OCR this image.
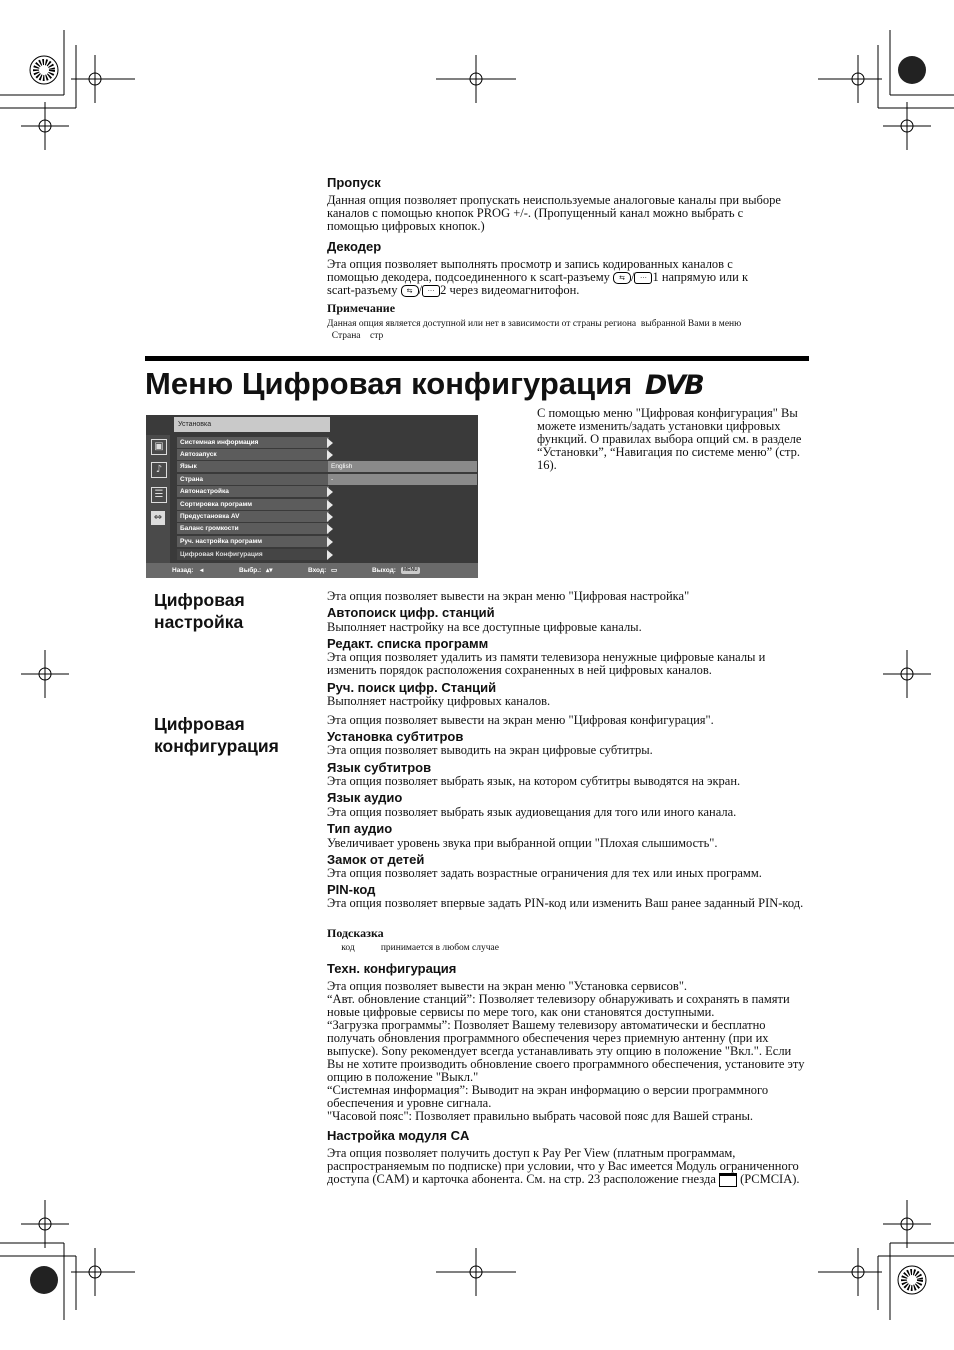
Пропуск
Данная опция позволяет пропускать неиспользуемые аналоговые каналы при выборе каналов с помощью кнопок PROG +/-. (Пропущенный канал можно выбрать с помощью цифровых кнопок.)
Декодер
Эта опция позволяет выполнять просмотр и запись кодированных каналов с
помощью декодера, подсоединенного к scart-разъему ⇆ / ··· 1 напрямую или к
scart-разъему ⇆ / ··· 2 через видеомагнитофон.
Примечание
Данная опция является доступной или нет в зависимости от страны региона  выбранной Вами в меню
Страна    стр
Меню Цифровая конфигурация DVB
Установка
▣
♪
☰
⇔
Системная информация
Автозапуск
Язык	English
Страна	-
Автонастройка
Сортировка программ
Предустановка AV
Баланс громкости
Руч. настройка программ
Цифровая Конфигурация
Назад: ◂	Выбр.: ▴▾	Вход: ▭	Выход:	MENU
С помощью меню "Цифровая конфигурация" Вы можете изменить/задать установки цифровых функций. О правилах выбора опций см. в разделе “Установки”, “Навигация по системе меню” (стр. 16).
Цифровая
настройка
Эта опция позволяет вывести на экран меню "Цифровая настройка"
Автопоиск цифр. станций
Выполняет настройку на все доступные цифровые каналы.
Редакт. списка программ
Эта опция позволяет удалить из памяти телевизора ненужные цифровые каналы и изменить порядок расположения сохраненных в ней цифровых каналов.
Руч. поиск цифр. Станций
Выполняет настройку цифровых каналов.
Цифровая
конфигурация
Эта опция позволяет вывести на экран меню "Цифровая конфигурация".
Установка субтитров
Эта опция позволяет выводить на экран цифровые субтитры.
Язык субтитров
Эта опция позволяет выбрать язык, на котором субтитры выводятся на экран.
Язык аудио
Эта опция позволяет выбрать язык аудиовещания для того или иного канала.
Тип аудио
Увеличивает уровень звука при выбранной опции "Плохая слышимость".
Замок от детей
Эта опция позволяет задать возрастные ограничения для тех или иных программ.
PIN-код
Эта опция позволяет впервые задать PIN-код или изменить Ваш ранее заданный PIN-код.
Подсказка
код           принимается в любом случае
Техн. конфигурация
Эта опция позволяет вывести на экран меню "Установка сервисов".
“Авт. обновление станций”: Позволяет телевизору обнаруживать и сохранять в памяти новые цифровые сервисы по мере того, как они становятся доступными.
“Загрузка программы”: Позволяет Вашему телевизору автоматически и бесплатно получать обновления программного обеспечения через приемную антенну (при их выпуске). Sony рекомендует всегда устанавливать эту опцию в положение "Вкл.". Если Вы не хотите производить обновление своего программного обеспечения, установите эту опцию в положение "Выкл."
“Системная информация”: Выводит на экран информацию о версии программного обеспечения и уровне сигнала.
"Часовой пояс": Позволяет правильно выбрать часовой пояс для Вашей страны.
Настройка модуля CA
Эта опция позволяет получить доступ к Pay Per View (платным программам, распространяемым по подписке) при условии, что у Вас имеется Модуль ограниченного доступа (CAM) и карточка абонента. См. на стр. 23 расположение гнезда  (PCMCIA).
